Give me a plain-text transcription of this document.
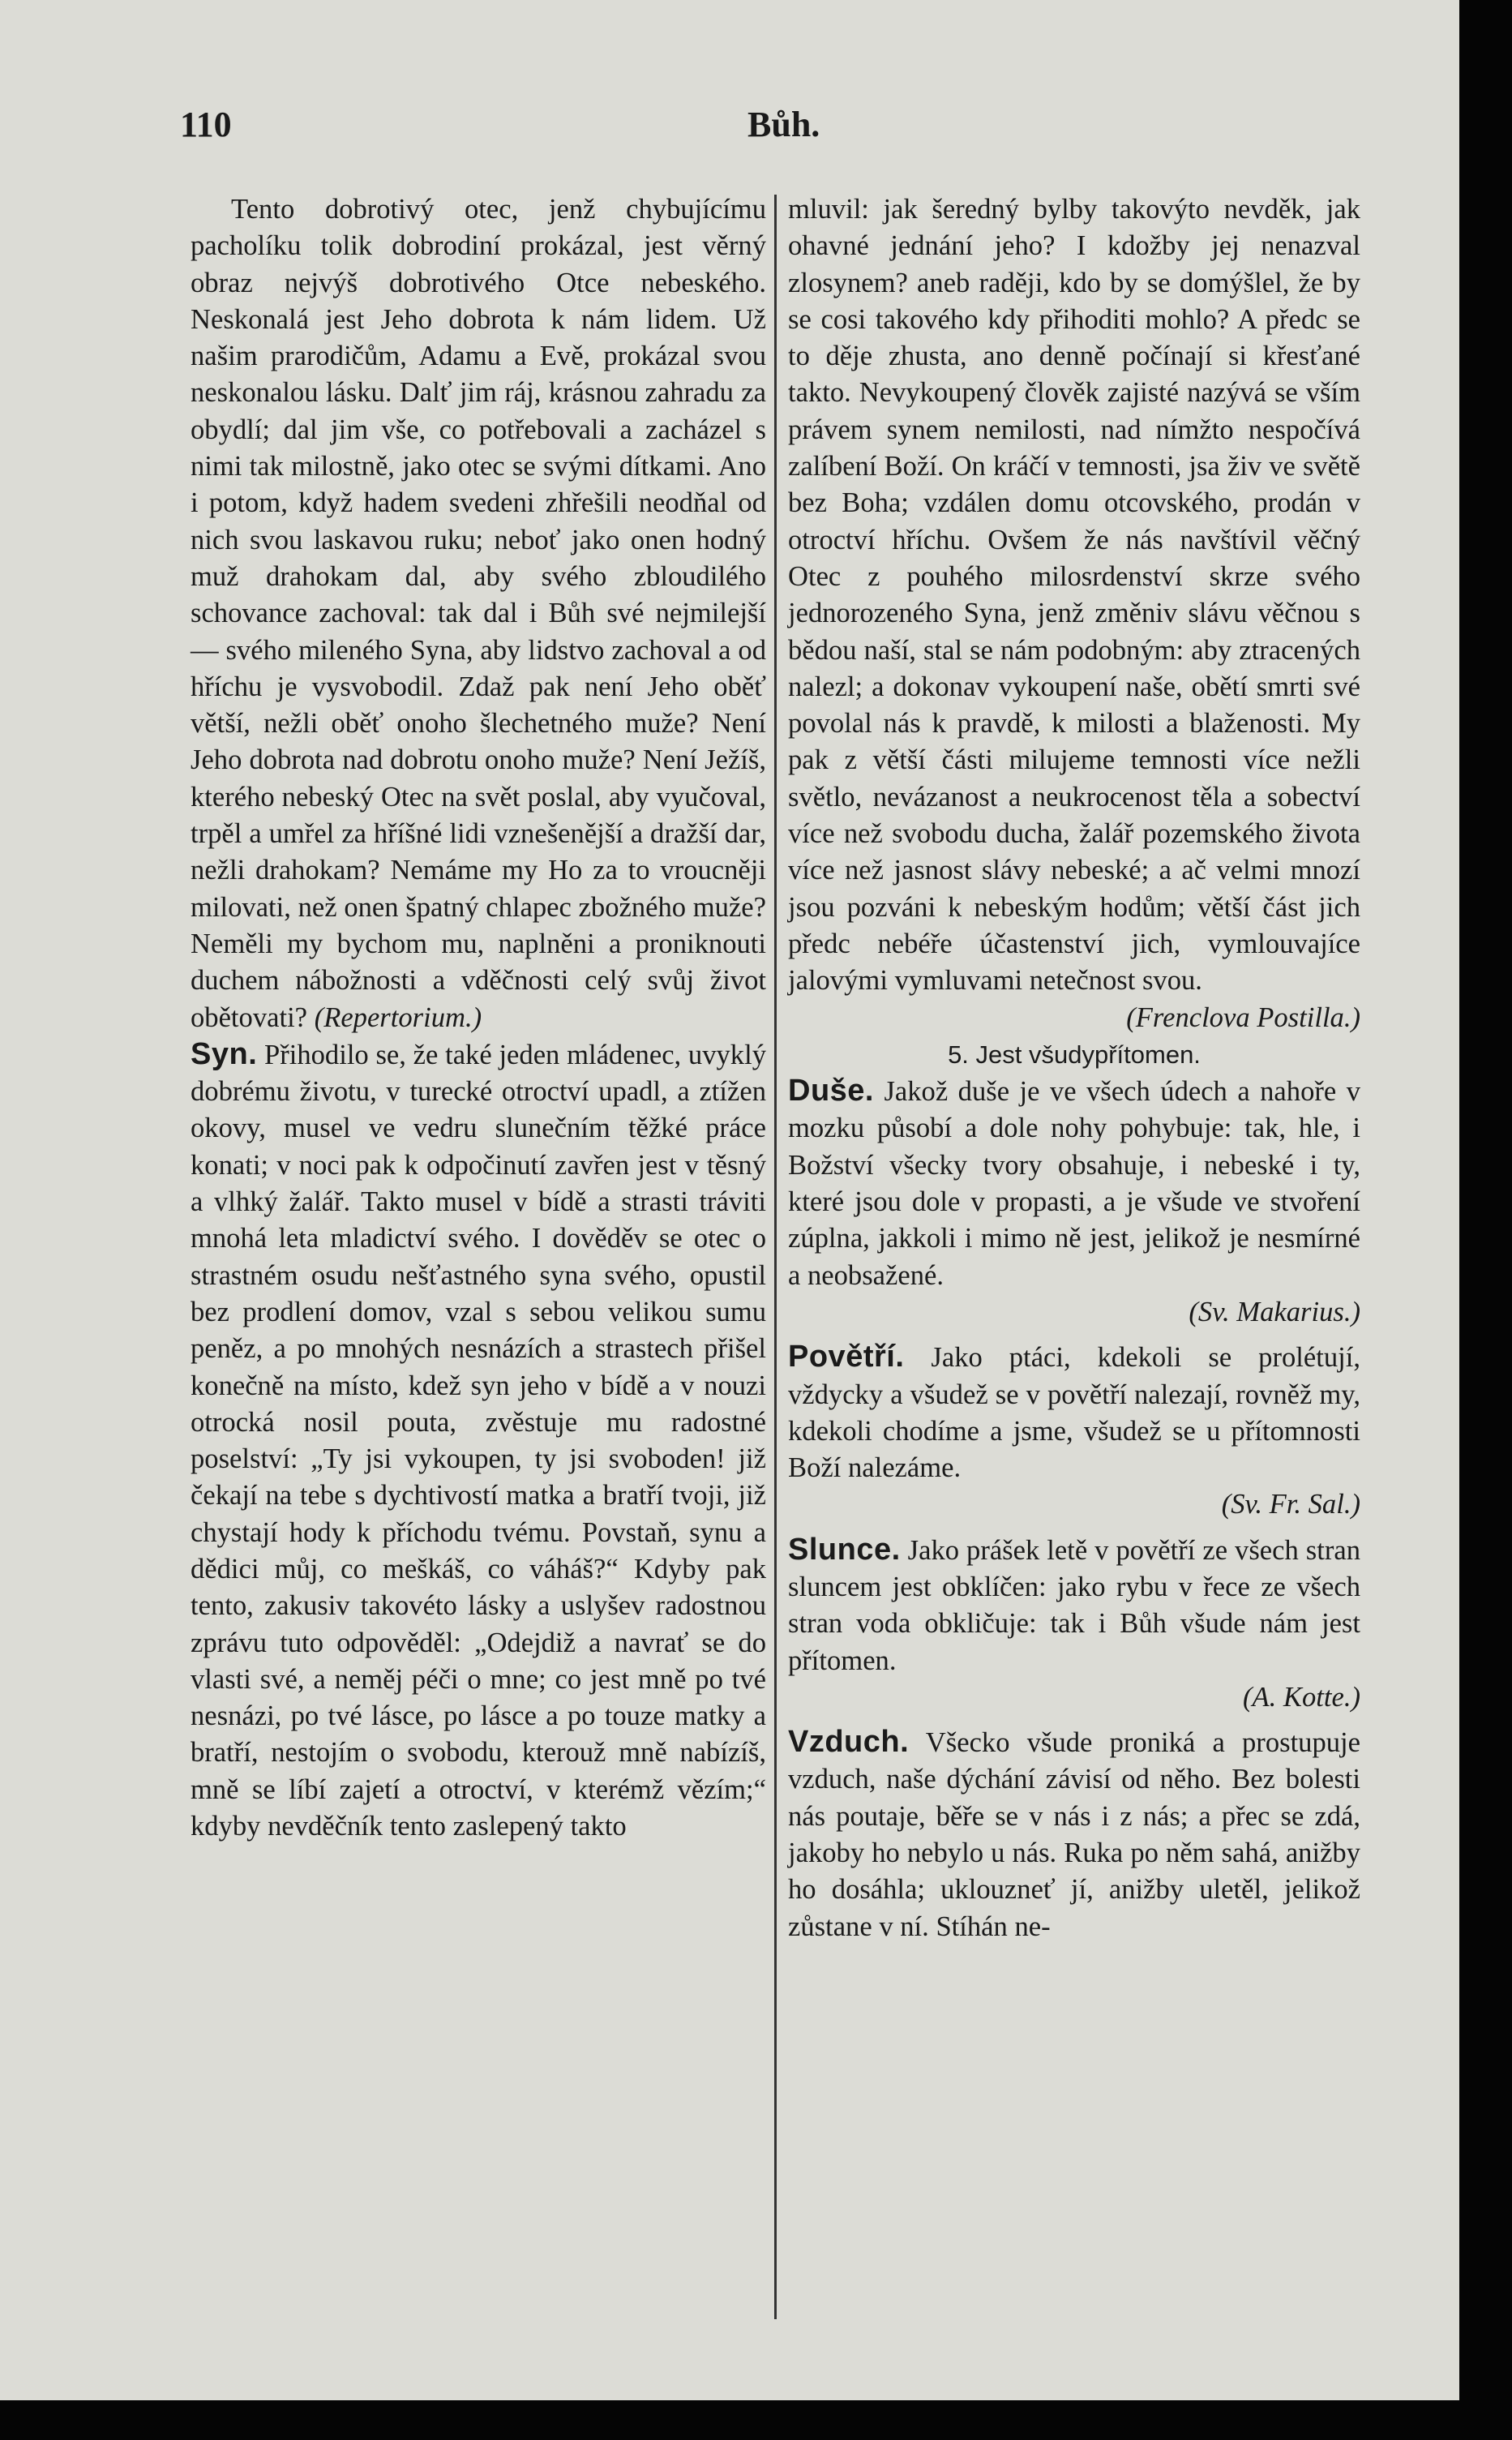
110	Bůh.

Tento dobrotivý otec, jenž chybujícímu pacholíku tolik dobrodiní prokázal, jest věrný obraz nejvýš dobrotivého Otce nebeského. Neskonalá jest Jeho dobrota k nám lidem. Už našim prarodičům, Adamu a Evě, prokázal svou neskonalou lásku. Dalť jim ráj, krásnou zahradu za obydlí; dal jim vše, co potřebovali a zacházel s nimi tak milostně, jako otec se svými dítkami. Ano i potom, když hadem svedeni zhřešili neodňal od nich svou laskavou ruku; neboť jako onen hodný muž drahokam dal, aby svého zbloudilého schovance zachoval: tak dal i Bůh své nejmilejší — svého mileného Syna, aby lidstvo zachoval a od hříchu je vysvobodil. Zdaž pak není Jeho oběť větší, nežli oběť onoho šlechetného muže? Není Jeho dobrota nad dobrotu onoho muže? Není Ježíš, kterého nebeský Otec na svět poslal, aby vyučoval, trpěl a umřel za hříšné lidi vznešenější a dražší dar, nežli drahokam? Nemáme my Ho za to vroucněji milovati, než onen špatný chlapec zbožného muže? Neměli my bychom mu, naplněni a proniknouti duchem nábožnosti a vděčnosti celý svůj život obětovati? (Repertorium.)

Syn. Přihodilo se, že také jeden mládenec, uvyklý dobrému životu, v turecké otroctví upadl, a ztížen okovy, musel ve vedru slunečním těžké práce konati; v noci pak k odpočinutí zavřen jest v těsný a vlhký žalář. Takto musel v bídě a strasti tráviti mnohá leta mladictví svého. I dověděv se otec o strastném osudu nešťastného syna svého, opustil bez prodlení domov, vzal s sebou velikou sumu peněz, a po mnohých nesnázích a strastech přišel konečně na místo, kdež syn jeho v bídě a v nouzi otrocká nosil pouta, zvěstuje mu radostné poselství: „Ty jsi vykoupen, ty jsi svoboden! již čekají na tebe s dychtivostí matka a bratří tvoji, již chystají hody k příchodu tvému. Povstaň, synu a dědici můj, co meškáš, co váháš?“ Kdyby pak tento, zakusiv takovéto lásky a uslyšev radostnou zprávu tuto odpověděl: „Odejdiž a navrať se do vlasti své, a neměj péči o mne; co jest mně po tvé nesnázi, po tvé lásce, po lásce a po touze matky a bratří, nestojím o svobodu, kterouž mně nabízíš, mně se líbí zajetí a otroctví, v kterémž vězím;“ kdyby nevděčník tento zaslepený takto

mluvil: jak šeredný bylby takovýto nevděk, jak ohavné jednání jeho? I kdožby jej nenazval zlosynem? aneb raději, kdo by se domýšlel, že by se cosi takového kdy přihoditi mohlo? A předc se to děje zhusta, ano denně počínají si křesťané takto. Nevykoupený člověk zajisté nazývá se vším právem synem nemilosti, nad nímžto nespočívá zalíbení Boží. On kráčí v temnosti, jsa živ ve světě bez Boha; vzdálen domu otcovského, prodán v otroctví hříchu. Ovšem že nás navštívil věčný Otec z pouhého milosrdenství skrze svého jednorozeného Syna, jenž změniv slávu věčnou s bědou naší, stal se nám podobným: aby ztracených nalezl; a dokonav vykoupení naše, obětí smrti své povolal nás k pravdě, k milosti a blaženosti. My pak z větší části milujeme temnosti více nežli světlo, nevázanost a neukrocenost těla a sobectví více než svobodu ducha, žalář pozemského života více než jasnost slávy nebeské; a ač velmi mnozí jsou pozváni k nebeským hodům; větší část jich předc nebéře účastenství jich, vymlouvajíce jalovými vymluvami netečnost svou.
(Frenclova Postilla.)

5. Jest všudypřítomen.

Duše. Jakož duše je ve všech údech a nahoře v mozku působí a dole nohy pohybuje: tak, hle, i Božství všecky tvory obsahuje, i nebeské i ty, které jsou dole v propasti, a je všude ve stvoření zúplna, jakkoli i mimo ně jest, jelikož je nesmírné a neobsažené.
(Sv. Makarius.)

Povětří. Jako ptáci, kdekoli se prolétují, vždycky a všudež se v povětří nalezají, rovněž my, kdekoli chodíme a jsme, všudež se u přítomnosti Boží nalezáme.
(Sv. Fr. Sal.)

Slunce. Jako prášek letě v povětří ze všech stran sluncem jest obklíčen: jako rybu v řece ze všech stran voda obkličuje: tak i Bůh všude nám jest přítomen.
(A. Kotte.)

Vzduch. Všecko všude proniká a prostupuje vzduch, naše dýchání závisí od něho. Bez bolesti nás poutaje, běře se v nás i z nás; a přec se zdá, jakoby ho nebylo u nás. Ruka po něm sahá, anižby ho dosáhla; uklouzneť jí, anižby uletěl, jelikož zůstane v ní. Stíhán ne-
